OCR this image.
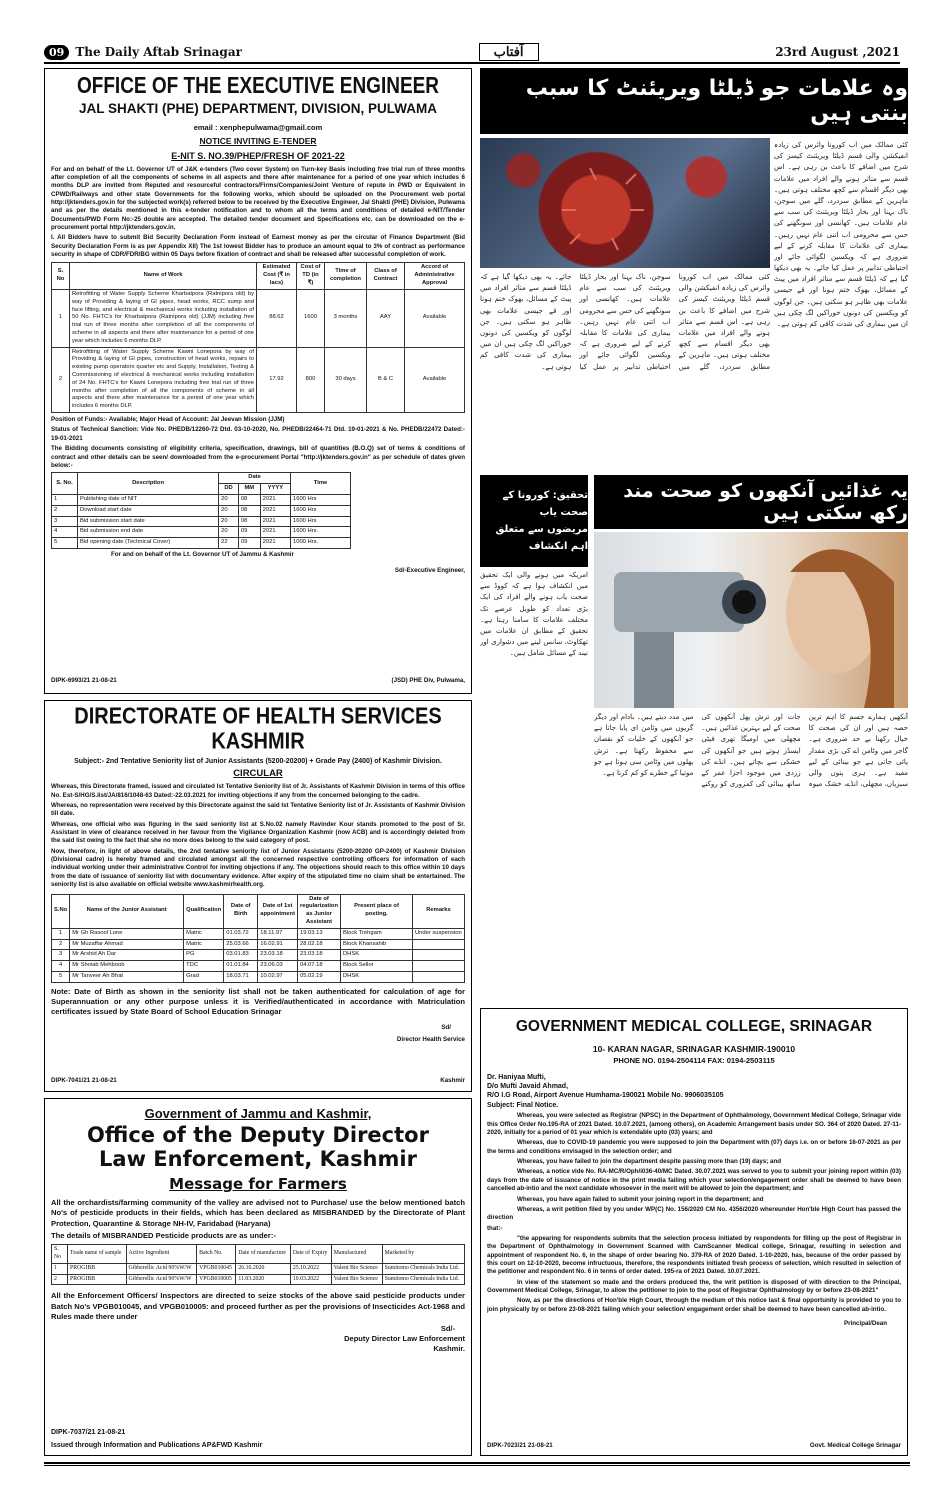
09 The Daily Aftab Srinagar	آفتاب	23rd August ,2021
OFFICE OF THE EXECUTIVE ENGINEER
JAL SHAKTI (PHE) DEPARTMENT, DIVISION, PULWAMA
email : xenphepulwama@gmail.com
NOTICE INVITING E-TENDER
E-NIT S. NO.39/PHEP/FRESH OF 2021-22

For and on behalf of the Lt. Governor UT of J&K e-tenders (Two cover System) on Turn-key Basis including free trial run of three months after completion of all the components of scheme in all aspects and there after maintenance for a period of one year which includes 6 months DLP are invited from Reputed and resourceful contractors/Firms/Companies/Joint Venture of repute in PWD or Equivalent in CPWD/Railways and other state Governments for the following works, which should be uploaded on the Procurement web portal http://jktenders.gov.in for the subjected work(s) referred below to be received by the Executive Engineer, Jal Shakti (PHE) Division, Pulwama and as per the details mentioned in this e-tender notification and to whom all the terms and conditions of detailed e-NIT/Tender Documents/PWD Form No:-25 double are accepted. The detailed tender document and Specifications etc. can be downloaded on the e-procurement portal http://jktenders.gov.in.

I. All Bidders have to submit Bid Security Declaration Form instead of Earnest money as per the circular of Finance Department (Bid Security Declaration Form is as per Appendix XII) The 1st lowest Bidder has to produce an amount equal to 3% of contract as performance security in shape of CDR/FDR/BG within 05 Days before fixation of contract and shall be released after successful completion of work.

S. No	Name of Work	Estimated Cost (₹ in lacs)	Cost of TD (in ₹)	Time of completion	Class of Contract	Accord of Administrative Approval
1	Retrofitting of Water Supply Scheme Kharbatpora (Ratnipora old) by way of Providing & laying of GI pipes, head works, RCC sump and face lifting, and electrical & mechanical works including installation of 50 No. FHTC's for Kharbatpora (Ratnipora old) (JJM) including free trial run of three months after completion of all the components of scheme in all aspects and there after maintenance for a period of one year which includes 6 months DLP.	88.62	1600	3 months	AAY	Available
2	Retrofitting of Water Supply Scheme Kawni Lonepora by way of Providing & laying of GI pipes, construction of head works, repairs to existing pump operators quarter etc and Supply, Installation, Testing & Commissioning of electrical & mechanical works including installation of 24 No. FHTC's for Kawni Lonepora including free trial run of three months after completion of all the components of scheme in all aspects and there after maintenance for a period of one year which includes 6 months DLP.	17.92	800	30 days	B & C	Available

Position of Funds:- Available; Major Head of Account: Jal Jeevan Mission (JJM)

Status of Technical Sanction: Vide No. PHEDB/12260-72 Dtd. 03-10-2020, No. PHEDB/22464-71 Dtd. 19-01-2021 & No. PHEDB/22472 Dated:- 19-01-2021

The Bidding documents consisting of eligibility criteria, specification, drawings, bill of quantities (B.O.Q) set of terms & conditions of contract and other details can be seen/ downloaded from the e-procurement Portal "http://jktenders.gov.in" as per schedule of dates given below:-

S. No.	Description	Date			Time
		DD	MM	YYYY	
1	Publishing date of NIT	20	08	2021	1600 Hrs
2	Download start date	20	08	2021	1600 Hrs
3	Bid submission start date	20	08	2021	1600 Hrs
4	Bid submission end date	20	09	2021	1600 Hrs.
5	Bid opening date (Technical Cover)	22	09	2021	1000 Hrs.
For and on behalf of the Lt. Governor UT of Jammu & Kashmir
Sd/-Executive Engineer,
DIPK-6993/21 21-08-21	(JSD) PHE Div, Pulwama,
DIRECTORATE OF HEALTH SERVICES KASHMIR
Subject:- 2nd Tentative Seniority list of Junior Assistants (5200-20200) + Grade Pay (2400) of Kashmir Division.
CIRCULAR

Whereas, this Directorate framed, issued and circulated Ist Tentative Seniority list of Jr. Assistants of Kashmir Division in terms of this office No. Est-S/HG/S.list/JA/816/1048-63 Dated:-22.03.2021 for inviting objections if any from the concerned belonging to the cadre.

Whereas, no representation were received by this Directorate against the said Ist Tentative Seniority list of Jr. Assistants of Kashmir Division till date.

Whereas, one official who was figuring in the said seniority list at S.No.02 namely Ravinder Kour stands promoted to the post of Sr. Assistant in view of clearance received in her favour from the Vigilance Organization Kashmir (now ACB) and is accordingly deleted from the said list owing to the fact that she no more does belong to the said category of post.

Now, therefore, in light of above details, the 2nd tentative seniority list of Junior Assistants (5200-20200 GP-2400) of Kashmir Division (Divisional cadre) is hereby framed and circulated amongst all the concerned respective controlling officers for information of each individual working under their administrative Control for inviting objections if any. The objections should reach to this office within 10 days from the date of issuance of seniority list with documentary evidence. After expiry of the stipulated time no claim shall be entertained. The seniority list is also available on official website www.kashmirhealth.org.

S.No	Name of the Junior Assistant	Qualification	Date of Birth	Date of 1st appointment	Date of regularization as Junior Assistant	Present place of posting.	Remarks
1	Mr Gh Rasool Lone	Matric	01.03.72	18.11.97	19.03.13	Block Trehgam	Under suspension
2	Mr Muzaffar Ahmad	Matric	25.03.66	16.02.91	28.02.18	Block Khansahib	
3	Mr Arshid Ah Dar	PG	03.01.83	23.03.18	23.03.18	DHSK	
4	Mr Shoiab Mehboob	TDC	01.01.84	23.06.03	04.07.18	Block Sellor	
5	Mr Tanveer Ah Bhat	Grad	18.03.71	10.02.97	05.02.19	DHSK	

Note: Date of Birth as shown in the seniority list shall not be taken authenticated for calculation of age for Superannuation or any other purpose unless it is Verified/authenticated in accordance with Matriculation certificates issued by State Board of School Education Srinagar

Sd/
Director Health Service
DIPK-7041/21 21-08-21	Kashmir
Government of Jammu and Kashmir,
Office of the Deputy Director
Law Enforcement, Kashmir
Message for Farmers

All the orchardists/farming community of the valley are advised not to Purchase/ use the below mentioned batch No's of pesticide products in their fields, which has been declared as MISBRANDED by the Directorate of Plant Protection, Quarantine & Storage NH-IV, Faridabad (Haryana)

The details of MISBRANDED Pesticide products are as under:-

S. No	Trade name of sample	Active Ingredient	Batch No.	Date of manufacture	Date of Expiry	Manufactured	Marketed by
1	PROGIBB	Gibberellic Acid 90%W/W	VPGB010045	26.10.2020	25.10.2022	Valent Bio Science	Sumitomo Chemicals India Ltd.
2	PROGIBB	Gibberellic Acid 90%W/W	VPGB010005	11.03.2020	10.03.2022	Valent Bio Science	Sumitomo Chemicals India Ltd.

All the Enforcement Officers/ Inspectors are directed to seize stocks of the above said pesticide products under Batch No's VPGB010045, and VPGB010005: and proceed further as per the provisions of Insecticides Act-1968 and Rules made there under

Sd/-
Deputy Director Law Enforcement
Kashmir.
DIPK-7037/21 21-08-21
Issued through Information and Publications AP&FWD Kashmir
وہ علامات جو ڈیلٹا ویریئنٹ کا سبب بنتی ہیں
کئی ممالک میں اب کورونا وائرس کی زیادہ انفیکشن والی قسم ڈیلٹا ویریئنٹ کیسز کی شرح میں اضافے کا باعث بن رہی ہے۔ اس قسم سے متاثر ہونے والے افراد میں علامات بھی دیگر اقسام سے کچھ مختلف ہوتی ہیں۔ ماہرین کے مطابق سردرد، گلے میں سوجن، ناک بہنا اور بخار ڈیلٹا ویریئنٹ کی سب سے عام علامات ہیں۔ کھانسی اور سونگھنے کی حس سے محرومی اب اتنی عام نہیں رہیں۔ بیماری کی علامات کا مقابلہ کرنے کے لیے ضروری ہے کہ ویکسین لگوائی جائے اور احتیاطی تدابیر پر عمل کیا جائے۔ یہ بھی دیکھا گیا ہے کہ ڈیلٹا قسم سے متاثر افراد میں پیٹ کے مسائل، بھوک ختم ہونا اور قے جیسی علامات بھی ظاہر ہو سکتی ہیں۔ جن لوگوں کو ویکسین کی دونوں خوراکیں لگ چکی ہیں ان میں بیماری کی شدت کافی کم ہوتی ہے۔
کئی ممالک میں اب کورونا وائرس کی زیادہ انفیکشن والی قسم ڈیلٹا ویریئنٹ کیسز کی شرح میں اضافے کا باعث بن رہی ہے۔ اس قسم سے متاثر ہونے والے افراد میں علامات بھی دیگر اقسام سے کچھ مختلف ہوتی ہیں۔ ماہرین کے مطابق سردرد، گلے میں سوجن، ناک بہنا اور بخار ڈیلٹا ویریئنٹ کی سب سے عام علامات ہیں۔ کھانسی اور سونگھنے کی حس سے محرومی اب اتنی عام نہیں رہیں۔ بیماری کی علامات کا مقابلہ کرنے کے لیے ضروری ہے کہ ویکسین لگوائی جائے اور احتیاطی تدابیر پر عمل کیا جائے۔ یہ بھی دیکھا گیا ہے کہ ڈیلٹا قسم سے متاثر افراد میں پیٹ کے مسائل، بھوک ختم ہونا اور قے جیسی علامات بھی ظاہر ہو سکتی ہیں۔ جن لوگوں کو ویکسین کی دونوں خوراکیں لگ چکی ہیں ان میں بیماری کی شدت کافی کم ہوتی ہے۔
تحقیق: کورونا کے صحت یاب
مریضوں سے متعلق اہم انکشاف
امریکہ میں ہونے والی ایک تحقیق میں انکشاف ہوا ہے کہ کووڈ سے صحت یاب ہونے والے افراد کی ایک بڑی تعداد کو طویل عرصے تک مختلف علامات کا سامنا رہتا ہے۔ تحقیق کے مطابق ان علامات میں تھکاوٹ، سانس لینے میں دشواری اور نیند کے مسائل شامل ہیں۔
یہ غذائیں آنکھوں کو صحت مند رکھ سکتی ہیں
آنکھیں ہمارے جسم کا اہم ترین حصہ ہیں اور ان کی صحت کا خیال رکھنا بے حد ضروری ہے۔ گاجر میں وٹامن اے کی بڑی مقدار پائی جاتی ہے جو بینائی کے لیے مفید ہے۔ ہری پتوں والی سبزیاں، مچھلی، انڈے، خشک میوہ جات اور ترش پھل آنکھوں کی صحت کے لیے بہترین غذائیں ہیں۔ مچھلی میں اومیگا تھری فیٹی ایسڈز ہوتے ہیں جو آنکھوں کی خشکی سے بچاتے ہیں۔ انڈے کی زردی میں موجود اجزا عمر کے ساتھ بینائی کی کمزوری کو روکنے میں مدد دیتے ہیں۔ بادام اور دیگر گریوں میں وٹامن ای پایا جاتا ہے جو آنکھوں کے خلیات کو نقصان سے محفوظ رکھتا ہے۔ ترش پھلوں میں وٹامن سی ہوتا ہے جو موتیا کے خطرے کو کم کرتا ہے۔
GOVERNMENT MEDICAL COLLEGE, SRINAGAR
10- KARAN NAGAR, SRINAGAR KASHMIR-190010
PHONE NO. 0194-2504114 FAX: 0194-2503115
Dr. Haniyaa Mufti,
D/o Mufti Javaid Ahmad,
R/O I.G Road, Airport Avenue Humhama-190021 Mobile No. 9906035105
Subject: Final Notice.

Whereas, you were selected as Registrar (NPSC) in the Department of Ophthalmology, Government Medical College, Srinagar vide this Office Order No.195-RA of 2021 Dated. 10.07.2021, (among others), on Academic Arrangement basis under SO. 364 of 2020 Dated. 27-11-2020, initially for a period of 01 year which is extendable upto (03) years; and

Whereas, due to COVID-19 pandemic you were supposed to join the Department with (07) days i.e. on or before 16-07-2021 as per the terms and conditions envisaged in the selection order; and

Whereas, you have failed to join the department despite passing more than (19) days; and

Whereas, a notice vide No. RA-MC/R/Oph/i036-40/MC Dated. 30.07.2021 was served to you to submit your joining report within (03) days from the date of issuance of notice in the print media failing which your selection/engagement order shall be deemed to have been cancelled ab-intio and the next candidate whosoever in the merit will be allowed to join the department; and

Whereas, you have again failed to submit your joining report in the department; and

Whereas, a writ petition filed by you under WP(C) No. 156/2020 CM No. 4356/2020 whereunder Hon'ble High Court has passed the direction

that:-

"the appearing for respondents submits that the selection process initiated by respondents for filling up the post of Registrar in the Department of Ophthalmology in Government Scanned with CamScanner Medical college, Srinagar, resulting in selection and appointment of respondent No. 6, in the shape of order bearing No. 379-RA of 2020 Dated. 1-10-2020, has, because of the order passed by this court on 12-10-2020, become infructuous, therefore, the respondents initiated fresh process of selection, which resulted in selection of the petitioner and respondent No. 6 in terms of order dated. 195-ra of 2021 Dated. 10.07.2021.

In view of the statement so made and the orders produced the, the writ petition is disposed of with direction to the Principal, Government Medical College, Srinagar, to allow the petitioner to join to the post of Registrar Ophthalmology by or before 23-08-2021"

Now, as per the directions of Hon'ble High Court, through the medium of this notice last & final opportunity is provided to you to join physically by or before 23-08-2021 failing which your selection/ engagement order shall be deemed to have been cancelled ab-intio.

Principal/Dean
DIPK-7023/21 21-08-21	Govt. Medical College Srinagar
